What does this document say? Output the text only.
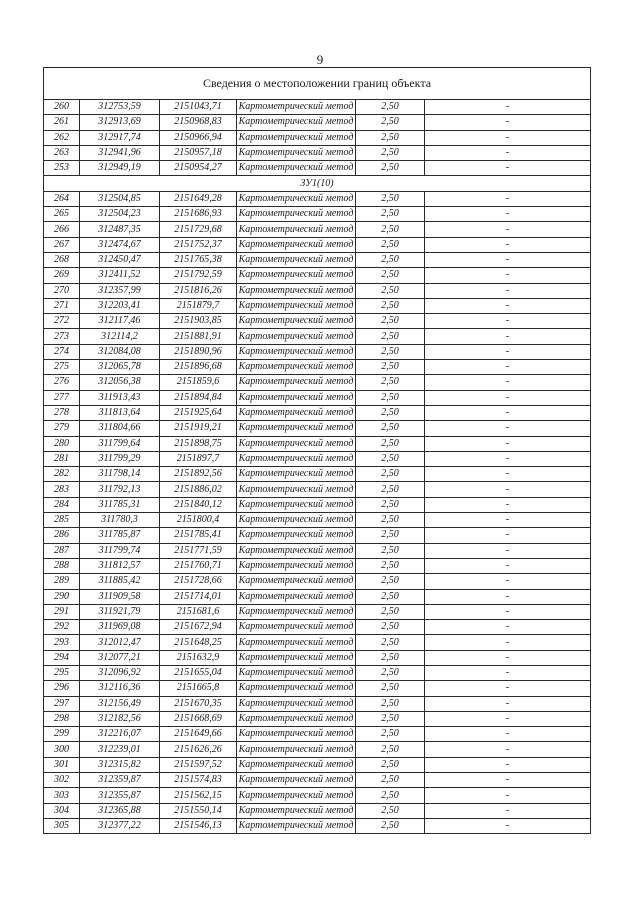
9
Сведения о местоположении границ объекта					
260	312753,59	2151043,71	Картометрический метод	2,50	-
261	312913,69	2150968,83	Картометрический метод	2,50	-
262	312917,74	2150966,94	Картометрический метод	2,50	-
263	312941,96	2150957,18	Картометрический метод	2,50	-
253	312949,19	2150954,27	Картометрический метод	2,50	-
ЗУ1(10)					
264	312504,85	2151649,28	Картометрический метод	2,50	-
265	312504,23	2151686,93	Картометрический метод	2,50	-
266	312487,35	2151729,68	Картометрический метод	2,50	-
267	312474,67	2151752,37	Картометрический метод	2,50	-
268	312450,47	2151765,38	Картометрический метод	2,50	-
269	312411,52	2151792,59	Картометрический метод	2,50	-
270	312357,99	2151816,26	Картометрический метод	2,50	-
271	312203,41	2151879,7	Картометрический метод	2,50	-
272	312117,46	2151903,85	Картометрический метод	2,50	-
273	312114,2	2151881,91	Картометрический метод	2,50	-
274	312084,08	2151890,96	Картометрический метод	2,50	-
275	312065,78	2151896,68	Картометрический метод	2,50	-
276	312056,38	2151859,6	Картометрический метод	2,50	-
277	311913,43	2151894,84	Картометрический метод	2,50	-
278	311813,64	2151925,64	Картометрический метод	2,50	-
279	311804,66	2151919,21	Картометрический метод	2,50	-
280	311799,64	2151898,75	Картометрический метод	2,50	-
281	311799,29	2151897,7	Картометрический метод	2,50	-
282	311798,14	2151892,56	Картометрический метод	2,50	-
283	311792,13	2151886,02	Картометрический метод	2,50	-
284	311785,31	2151840,12	Картометрический метод	2,50	-
285	311780,3	2151800,4	Картометрический метод	2,50	-
286	311785,87	2151785,41	Картометрический метод	2,50	-
287	311799,74	2151771,59	Картометрический метод	2,50	-
288	311812,57	2151760,71	Картометрический метод	2,50	-
289	311885,42	2151728,66	Картометрический метод	2,50	-
290	311909,58	2151714,01	Картометрический метод	2,50	-
291	311921,79	2151681,6	Картометрический метод	2,50	-
292	311969,08	2151672,94	Картометрический метод	2,50	-
293	312012,47	2151648,25	Картометрический метод	2,50	-
294	312077,21	2151632,9	Картометрический метод	2,50	-
295	312096,92	2151655,04	Картометрический метод	2,50	-
296	312116,36	2151665,8	Картометрический метод	2,50	-
297	312156,49	2151670,35	Картометрический метод	2,50	-
298	312182,56	2151668,69	Картометрический метод	2,50	-
299	312216,07	2151649,66	Картометрический метод	2,50	-
300	312239,01	2151626,26	Картометрический метод	2,50	-
301	312315,82	2151597,52	Картометрический метод	2,50	-
302	312359,87	2151574,83	Картометрический метод	2,50	-
303	312355,87	2151562,15	Картометрический метод	2,50	-
304	312365,88	2151550,14	Картометрический метод	2,50	-
305	312377,22	2151546,13	Картометрический метод	2,50	-
